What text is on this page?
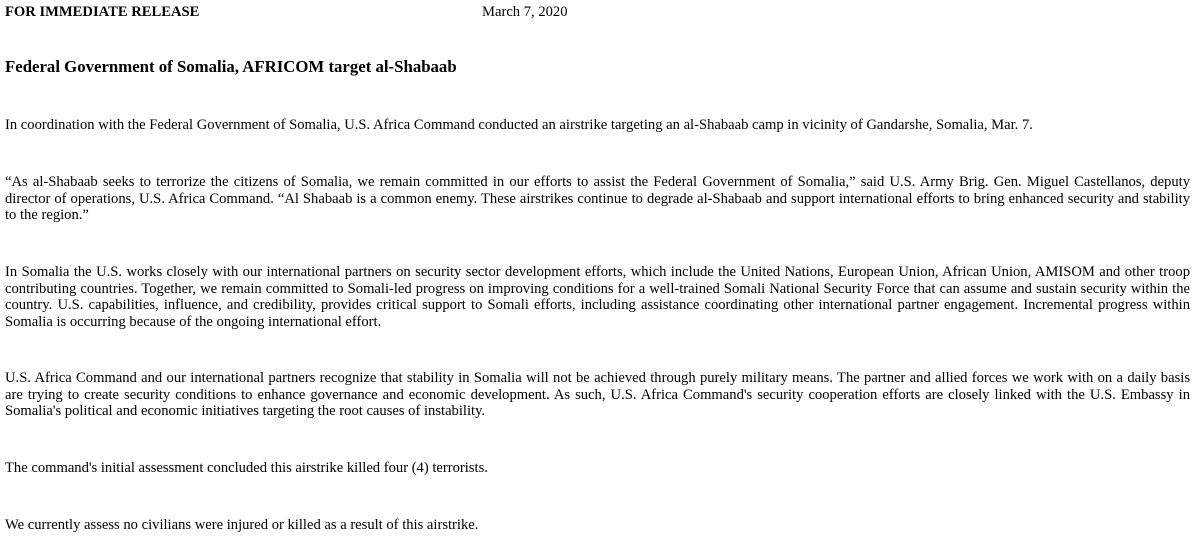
FOR IMMEDIATE RELEASE	March 7, 2020
Federal Government of Somalia, AFRICOM target al-Shabaab

In coordination with the Federal Government of Somalia, U.S. Africa Command conducted an airstrike targeting an al-Shabaab camp in vicinity of Gandarshe, Somalia, Mar. 7.

“As al-Shabaab seeks to terrorize the citizens of Somalia, we remain committed in our efforts to assist the Federal Government of Somalia,” said U.S. Army Brig. Gen. Miguel Castellanos, deputy director of operations, U.S. Africa Command. “Al Shabaab is a common enemy. These airstrikes continue to degrade al-Shabaab and support international efforts to bring enhanced security and stability to the region.”

In Somalia the U.S. works closely with our international partners on security sector development efforts, which include the United Nations, European Union, African Union, AMISOM and other troop contributing countries. Together, we remain committed to Somali-led progress on improving conditions for a well-trained Somali National Security Force that can assume and sustain security within the country. U.S. capabilities, influence, and credibility, provides critical support to Somali efforts, including assistance coordinating other international partner engagement. Incremental progress within Somalia is occurring because of the ongoing international effort.

U.S. Africa Command and our international partners recognize that stability in Somalia will not be achieved through purely military means. The partner and allied forces we work with on a daily basis are trying to create security conditions to enhance governance and economic development. As such, U.S. Africa Command's security cooperation efforts are closely linked with the U.S. Embassy in Somalia's political and economic initiatives targeting the root causes of instability.

The command's initial assessment concluded this airstrike killed four (4) terrorists.

We currently assess no civilians were injured or killed as a result of this airstrike.
